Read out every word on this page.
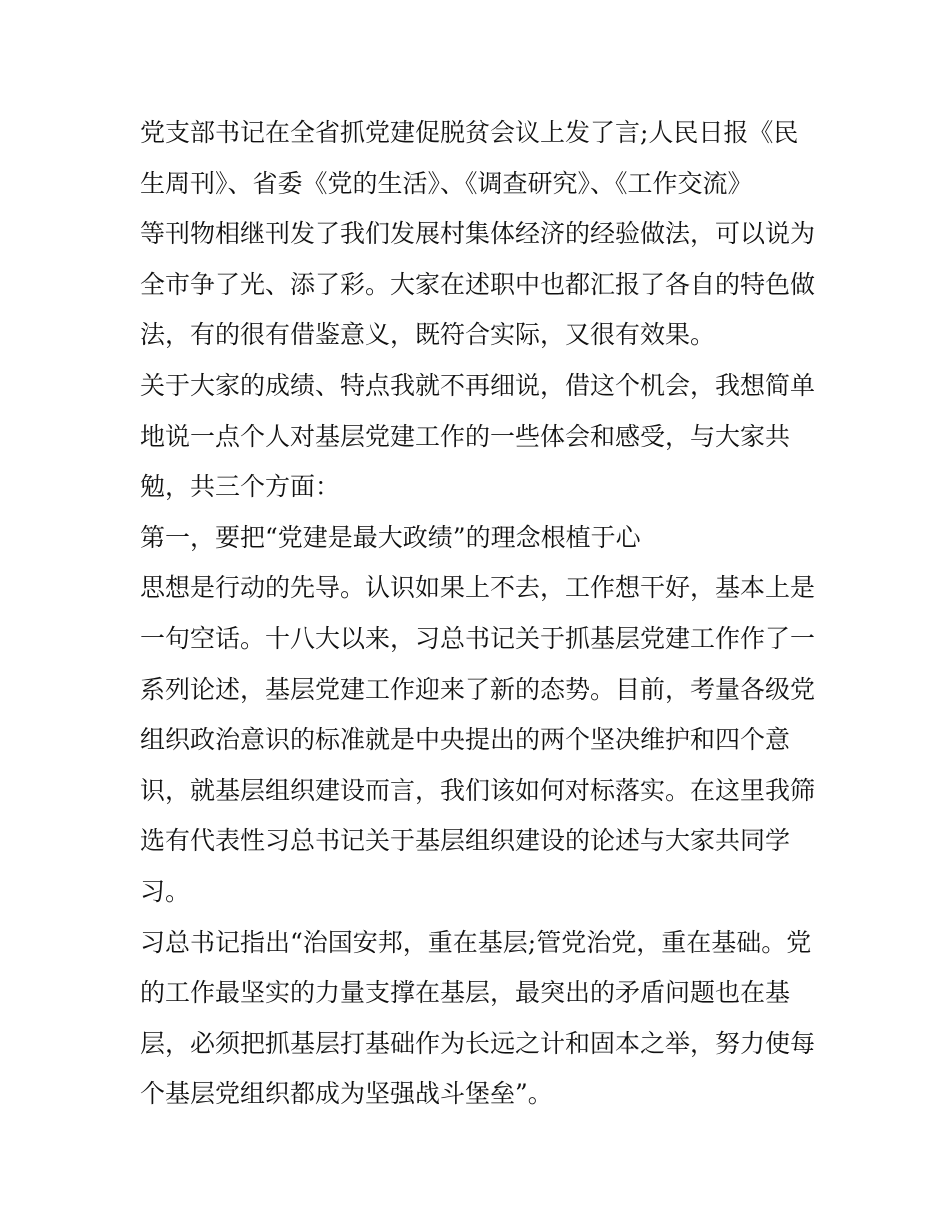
党支部书记在全省抓党建促脱贫会议上发了言;人民日报《民
生周刊》、省委《党的生活》、《调查研究》、《工作交流》
等刊物相继刊发了我们发展村集体经济的经验做法，可以说为
全市争了光、添了彩。大家在述职中也都汇报了各自的特色做
法，有的很有借鉴意义，既符合实际，又很有效果。
关于大家的成绩、特点我就不再细说，借这个机会，我想简单
地说一点个人对基层党建工作的一些体会和感受，与大家共
勉，共三个方面：
第一，要把“党建是最大政绩”的理念根植于心
思想是行动的先导。认识如果上不去，工作想干好，基本上是
一句空话。十八大以来，习总书记关于抓基层党建工作作了一
系列论述，基层党建工作迎来了新的态势。目前，考量各级党
组织政治意识的标准就是中央提出的两个坚决维护和四个意
识，就基层组织建设而言，我们该如何对标落实。在这里我筛
选有代表性习总书记关于基层组织建设的论述与大家共同学
习。
习总书记指出“治国安邦，重在基层;管党治党，重在基础。党
的工作最坚实的力量支撑在基层，最突出的矛盾问题也在基
层，必须把抓基层打基础作为长远之计和固本之举，努力使每
个基层党组织都成为坚强战斗堡垒”。
